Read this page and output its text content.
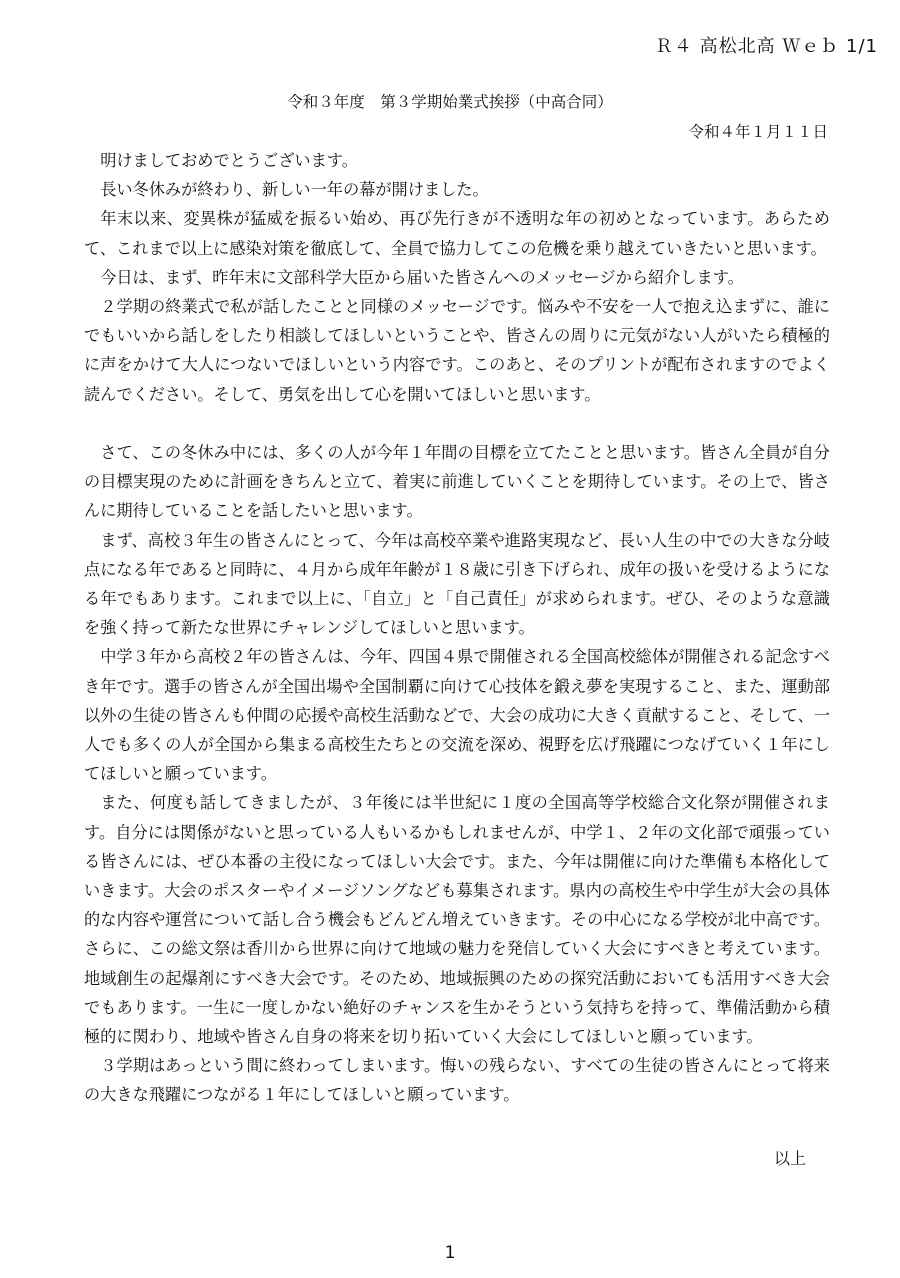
Ｒ４ 高松北高 Ｗｅｂ 1/1
令和３年度　第３学期始業式挨拶（中高合同）
令和４年１月１１日

明けましておめでとうございます。

長い冬休みが終わり、新しい一年の幕が開けました。

年末以来、変異株が猛威を振るい始め、再び先行きが不透明な年の初めとなっています。あらためて、これまで以上に感染対策を徹底して、全員で協力してこの危機を乗り越えていきたいと思います。

今日は、まず、昨年末に文部科学大臣から届いた皆さんへのメッセージから紹介します。

２学期の終業式で私が話したことと同様のメッセージです。悩みや不安を一人で抱え込まずに、誰にでもいいから話しをしたり相談してほしいということや、皆さんの周りに元気がない人がいたら積極的に声をかけて大人につないでほしいという内容です。このあと、そのプリントが配布されますのでよく読んでください。そして、勇気を出して心を開いてほしいと思います。

さて、この冬休み中には、多くの人が今年１年間の目標を立てたことと思います。皆さん全員が自分の目標実現のために計画をきちんと立て、着実に前進していくことを期待しています。その上で、皆さんに期待していることを話したいと思います。

まず、高校３年生の皆さんにとって、今年は高校卒業や進路実現など、長い人生の中での大きな分岐点になる年であると同時に、４月から成年年齢が１８歳に引き下げられ、成年の扱いを受けるようになる年でもあります。これまで以上に、「自立」と「自己責任」が求められます。ぜひ、そのような意識を強く持って新たな世界にチャレンジしてほしいと思います。

中学３年から高校２年の皆さんは、今年、四国４県で開催される全国高校総体が開催される記念すべき年です。選手の皆さんが全国出場や全国制覇に向けて心技体を鍛え夢を実現すること、また、運動部以外の生徒の皆さんも仲間の応援や高校生活動などで、大会の成功に大きく貢献すること、そして、一人でも多くの人が全国から集まる高校生たちとの交流を深め、視野を広げ飛躍につなげていく１年にしてほしいと願っています。

また、何度も話してきましたが、３年後には半世紀に１度の全国高等学校総合文化祭が開催されます。自分には関係がないと思っている人もいるかもしれませんが、中学１、２年の文化部で頑張っている皆さんには、ぜひ本番の主役になってほしい大会です。また、今年は開催に向けた準備も本格化していきます。大会のポスターやイメージソングなども募集されます。県内の高校生や中学生が大会の具体的な内容や運営について話し合う機会もどんどん増えていきます。その中心になる学校が北中高です。さらに、この総文祭は香川から世界に向けて地域の魅力を発信していく大会にすべきと考えています。地域創生の起爆剤にすべき大会です。そのため、地域振興のための探究活動においても活用すべき大会でもあります。一生に一度しかない絶好のチャンスを生かそうという気持ちを持って、準備活動から積極的に関わり、地域や皆さん自身の将来を切り拓いていく大会にしてほしいと願っています。

３学期はあっという間に終わってしまいます。悔いの残らない、すべての生徒の皆さんにとって将来の大きな飛躍につながる１年にしてほしいと願っています。

以上
1
